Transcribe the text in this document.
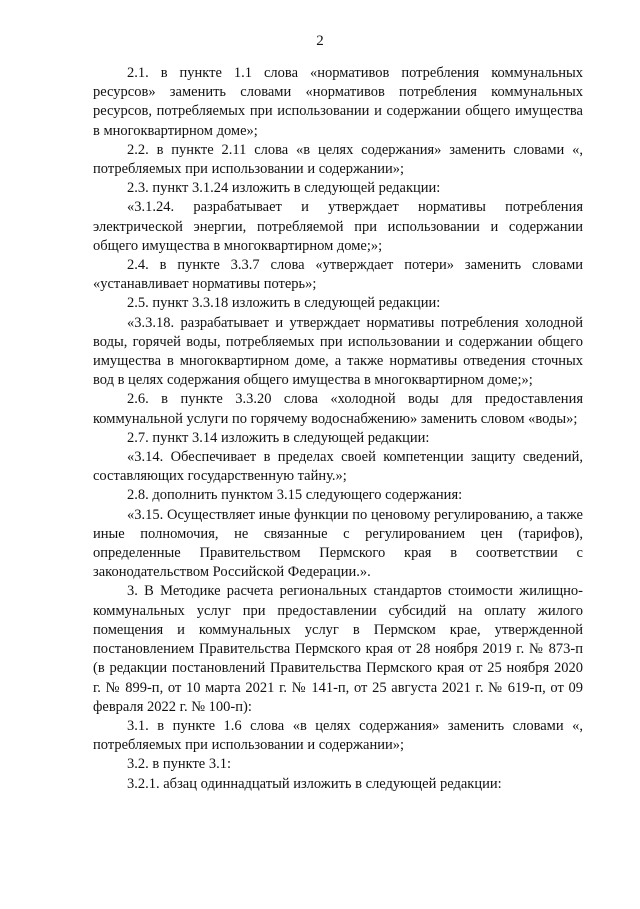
2

2.1. в пункте 1.1 слова «нормативов потребления коммунальных ресурсов» заменить словами «нормативов потребления коммунальных ресурсов, потребляемых при использовании и содержании общего имущества в многоквартирном доме»;

2.2. в пункте 2.11 слова «в целях содержания» заменить словами «, потребляемых при использовании и содержании»;

2.3. пункт 3.1.24 изложить в следующей редакции:

«3.1.24. разрабатывает и утверждает нормативы потребления электрической энергии, потребляемой при использовании и содержании общего имущества в многоквартирном доме;»;

2.4. в пункте 3.3.7 слова «утверждает потери» заменить словами «устанавливает нормативы потерь»;

2.5. пункт 3.3.18 изложить в следующей редакции:

«3.3.18. разрабатывает и утверждает нормативы потребления холодной воды, горячей воды, потребляемых при использовании и содержании общего имущества в многоквартирном доме, а также нормативы отведения сточных вод в целях содержания общего имущества в многоквартирном доме;»;

2.6. в пункте 3.3.20 слова «холодной воды для предоставления коммунальной услуги по горячему водоснабжению» заменить словом «воды»;

2.7. пункт 3.14 изложить в следующей редакции:

«3.14. Обеспечивает в пределах своей компетенции защиту сведений, составляющих государственную тайну.»;

2.8. дополнить пунктом 3.15 следующего содержания:

«3.15. Осуществляет иные функции по ценовому регулированию, а также иные полномочия, не связанные с регулированием цен (тарифов), определенные Правительством Пермского края в соответствии с законодательством Российской Федерации.».

3. В Методике расчета региональных стандартов стоимости жилищно-коммунальных услуг при предоставлении субсидий на оплату жилого помещения и коммунальных услуг в Пермском крае, утвержденной постановлением Правительства Пермского края от 28 ноября 2019 г. № 873-п (в редакции постановлений Правительства Пермского края от 25 ноября 2020 г. № 899-п, от 10 марта 2021 г. № 141-п, от 25 августа 2021 г. № 619-п, от 09 февраля 2022 г. № 100-п):

3.1. в пункте 1.6 слова «в целях содержания» заменить словами «, потребляемых при использовании и содержании»;

3.2. в пункте 3.1:

3.2.1. абзац одиннадцатый изложить в следующей редакции:
